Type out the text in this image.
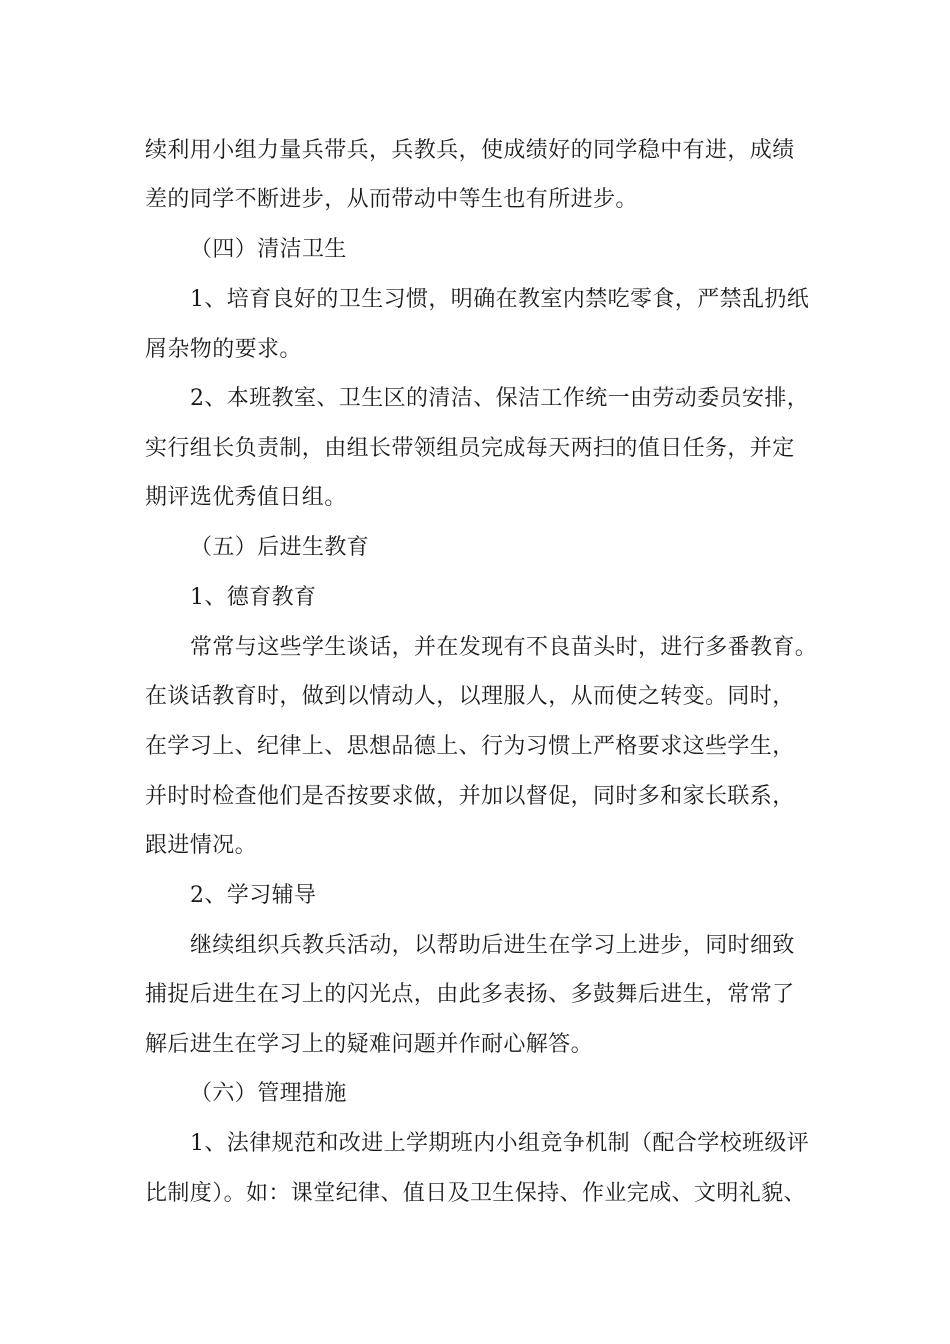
续利用小组力量兵带兵，兵教兵，使成绩好的同学稳中有进，成绩
差的同学不断进步，从而带动中等生也有所进步。
（四）清洁卫生
1、培育良好的卫生习惯，明确在教室内禁吃零食，严禁乱扔纸
屑杂物的要求。
2、本班教室、卫生区的清洁、保洁工作统一由劳动委员安排，
实行组长负责制，由组长带领组员完成每天两扫的值日任务，并定
期评选优秀值日组。
（五）后进生教育
1、德育教育
常常与这些学生谈话，并在发现有不良苗头时，进行多番教育。
在谈话教育时，做到以情动人，以理服人，从而使之转变。同时，
在学习上、纪律上、思想品德上、行为习惯上严格要求这些学生，
并时时检查他们是否按要求做，并加以督促，同时多和家长联系，
跟进情况。
2、学习辅导
继续组织兵教兵活动，以帮助后进生在学习上进步，同时细致
捕捉后进生在习上的闪光点，由此多表扬、多鼓舞后进生，常常了
解后进生在学习上的疑难问题并作耐心解答。
（六）管理措施
1、法律规范和改进上学期班内小组竞争机制（配合学校班级评
比制度）。如：课堂纪律、值日及卫生保持、作业完成、文明礼貌、
